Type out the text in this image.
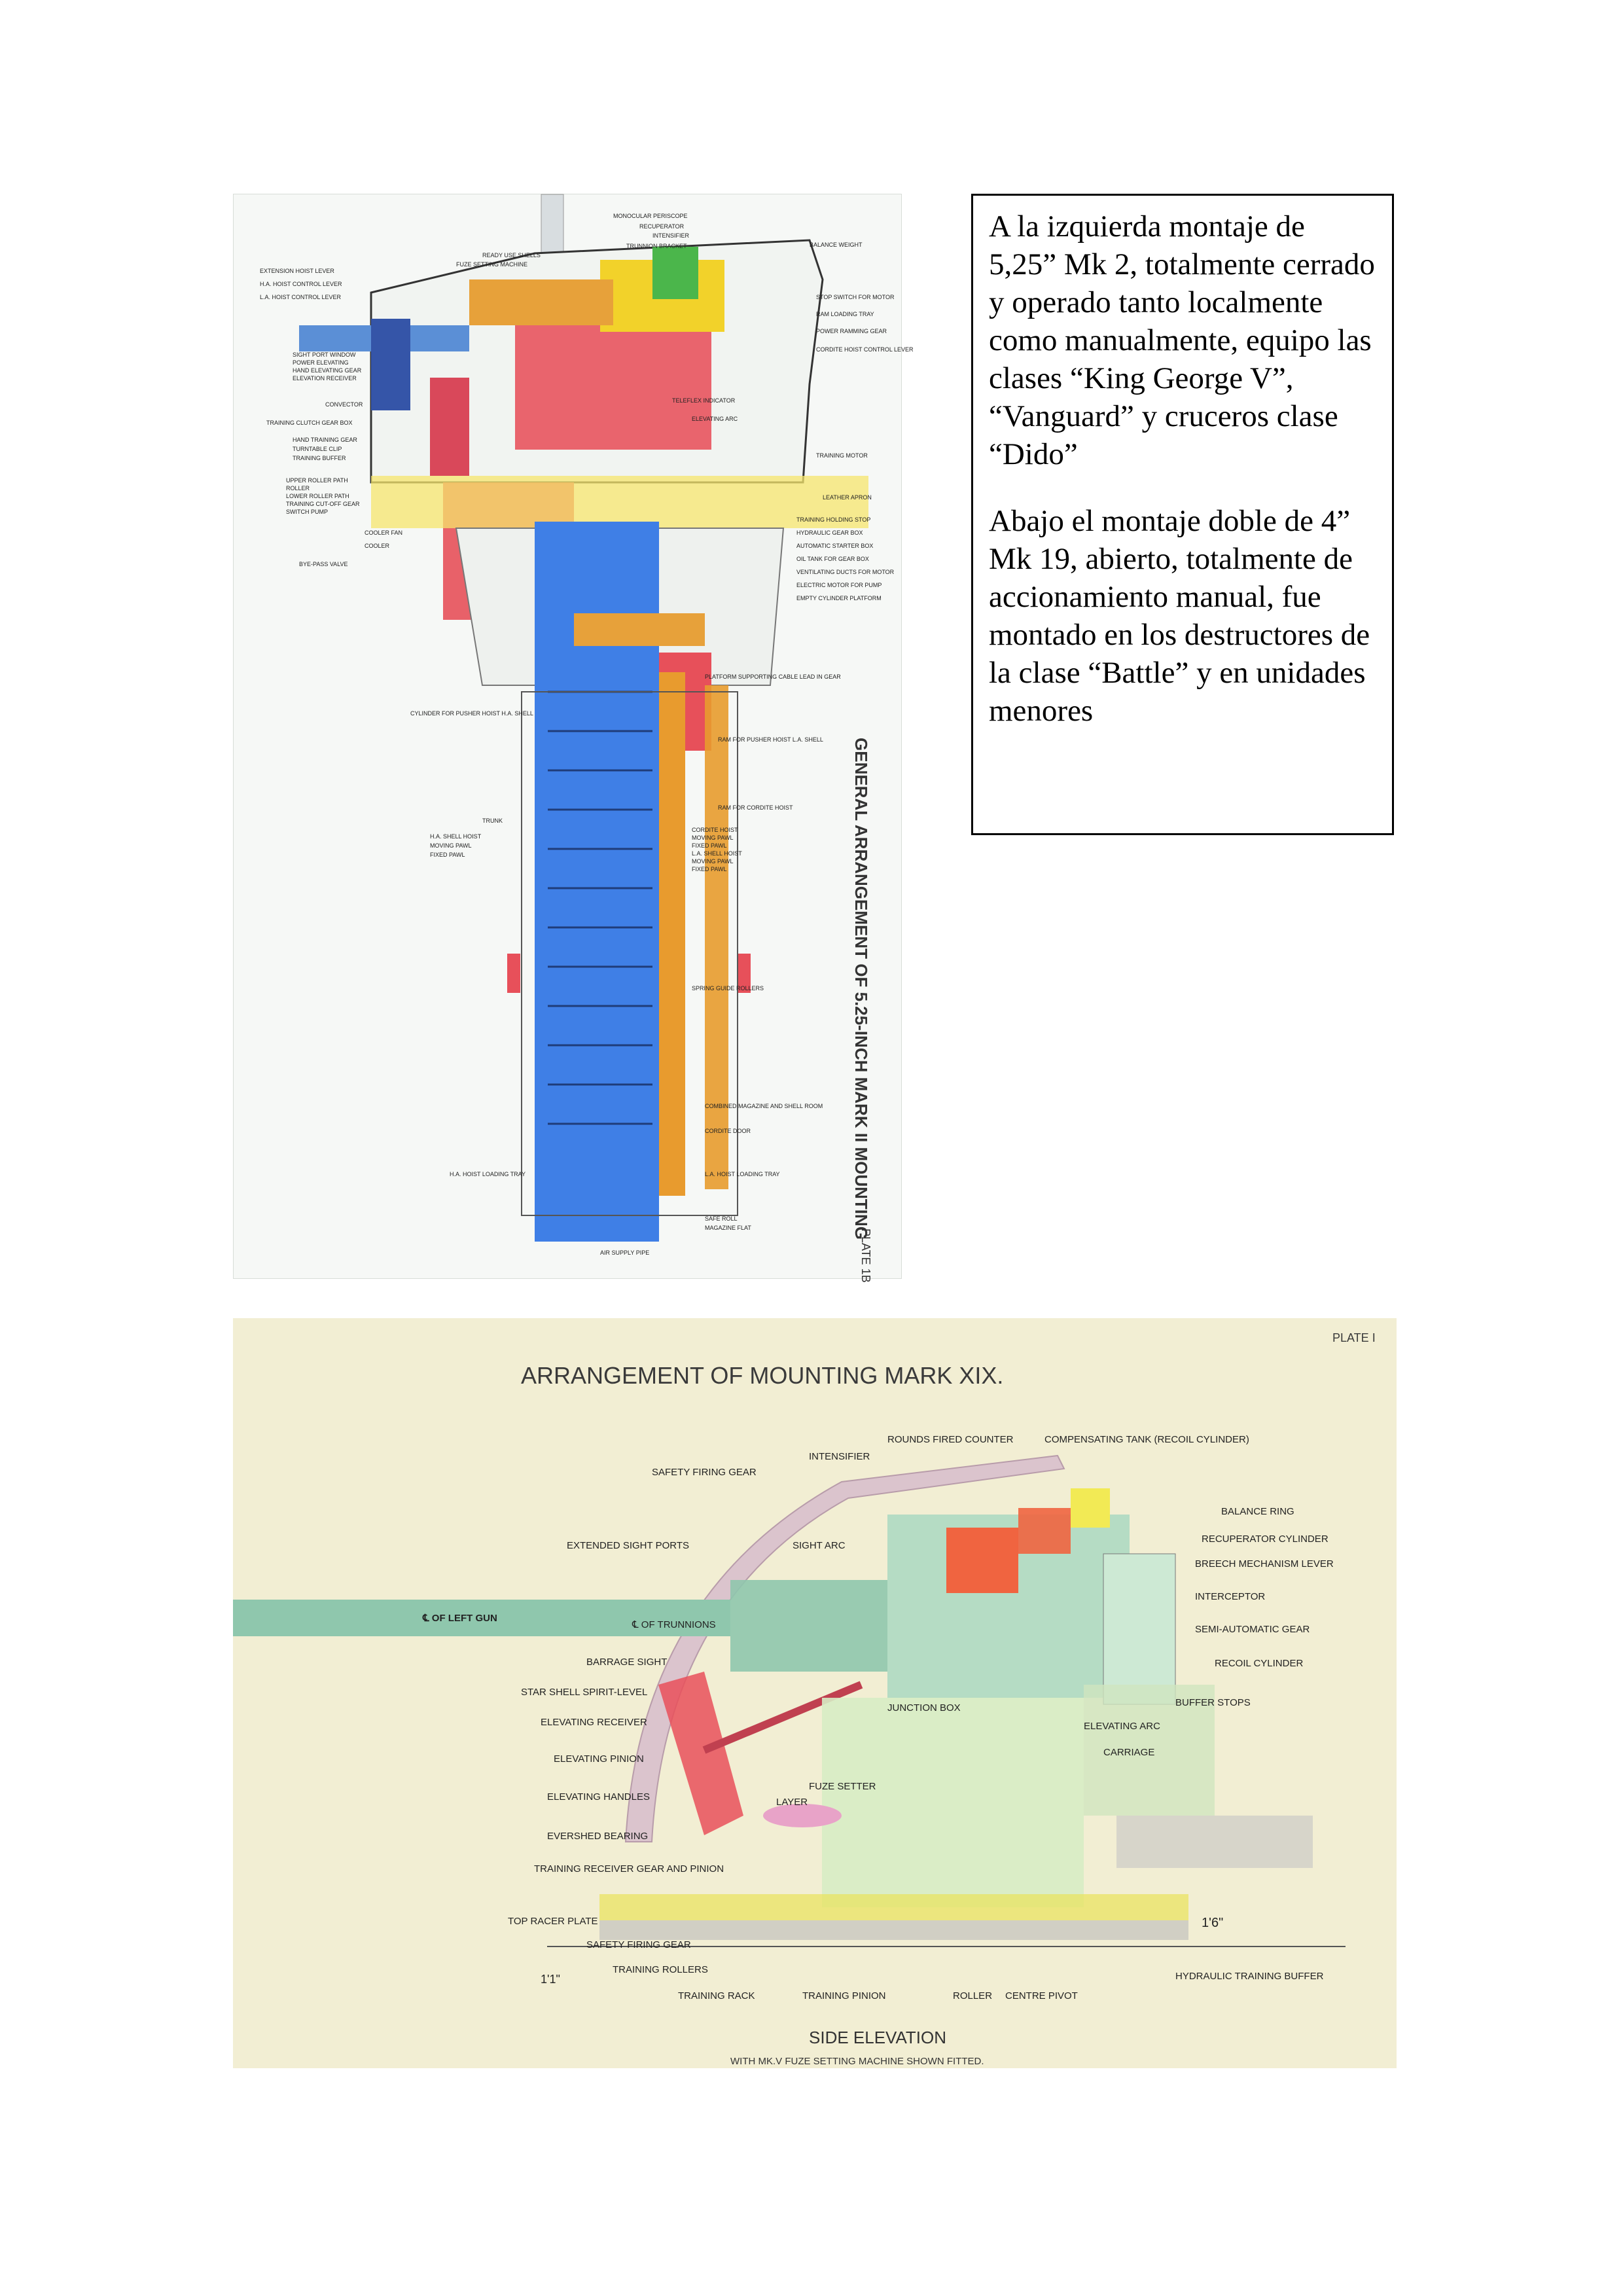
EXTENSION HOIST LEVER
H.A. HOIST CONTROL LEVER
L.A. HOIST CONTROL LEVER
SIGHT PORT WINDOW
POWER ELEVATING
HAND ELEVATING GEAR
ELEVATION RECEIVER
CONVECTOR
TRAINING CLUTCH GEAR BOX
HAND TRAINING GEAR
TURNTABLE CLIP
TRAINING BUFFER
UPPER ROLLER PATH
ROLLER
LOWER ROLLER PATH
TRAINING CUT-OFF GEAR
SWITCH PUMP
COOLER FAN
COOLER
BYE-PASS VALVE
CYLINDER FOR PUSHER HOIST H.A. SHELL
TRUNK
H.A. SHELL HOIST
MOVING PAWL
FIXED PAWL
H.A. HOIST LOADING TRAY
MONOCULAR PERISCOPE
RECUPERATOR
INTENSIFIER
TRUNNION BRACKET
READY USE SHELLS
FUZE SETTING MACHINE
BALANCE WEIGHT
STOP SWITCH FOR MOTOR
RAM LOADING TRAY
POWER RAMMING GEAR
CORDITE HOIST CONTROL LEVER
TELEFLEX INDICATOR
ELEVATING ARC
TRAINING MOTOR
LEATHER APRON
TRAINING HOLDING STOP
HYDRAULIC GEAR BOX
AUTOMATIC STARTER BOX
OIL TANK FOR GEAR BOX
VENTILATING DUCTS FOR MOTOR
ELECTRIC MOTOR FOR PUMP
EMPTY CYLINDER PLATFORM
PLATFORM SUPPORTING CABLE LEAD IN GEAR
RAM FOR PUSHER HOIST L.A. SHELL
RAM FOR CORDITE HOIST
CORDITE HOIST
MOVING PAWL
FIXED PAWL
L.A. SHELL HOIST
MOVING PAWL
FIXED PAWL
SPRING GUIDE ROLLERS
COMBINED MAGAZINE AND SHELL ROOM
CORDITE DOOR
L.A. HOIST LOADING TRAY
SAFE ROLL
MAGAZINE FLAT
AIR SUPPLY PIPE
GENERAL ARRANGEMENT OF 5.25-INCH MARK II MOUNTING
PLATE 1B

A la izquierda montaje de 5,25” Mk 2, totalmente cerrado y operado tanto localmente como manualmente, equipo las clases “King George V”, “Vanguard” y cruceros clase “Dido”

Abajo el montaje doble de 4” Mk 19, abierto, totalmente de accionamiento manual, fue montado en los destructores de la clase “Battle” y en unidades menores

ARRANGEMENT OF MOUNTING MARK XIX.
PLATE I
℄ OF LEFT GUN
℄ OF TRUNNIONS
JUNCTION BOX
FUZE SETTER
LAYER
TRAINING RACK	TRAINING PINION	ROLLER CENTRE PIVOT
SAFETY FIRING GEAR
EXTENDED SIGHT PORTS
BARRAGE SIGHT
STAR SHELL SPIRIT-LEVEL
ELEVATING RECEIVER
ELEVATING PINION
ELEVATING HANDLES
EVERSHED BEARING
TRAINING RECEIVER GEAR AND PINION
TOP RACER PLATE
SAFETY FIRING GEAR
TRAINING ROLLERS
INTENSIFIER
ROUNDS FIRED COUNTER	COMPENSATING TANK (RECOIL CYLINDER)
SIGHT ARC
BALANCE RING
RECUPERATOR CYLINDER
BREECH MECHANISM LEVER
INTERCEPTOR
SEMI-AUTOMATIC GEAR
RECOIL CYLINDER
BUFFER STOPS
ELEVATING ARC
CARRIAGE
HYDRAULIC TRAINING BUFFER
1'6"
1'1"
SIDE ELEVATION
WITH MK.V FUZE SETTING MACHINE SHOWN FITTED.
